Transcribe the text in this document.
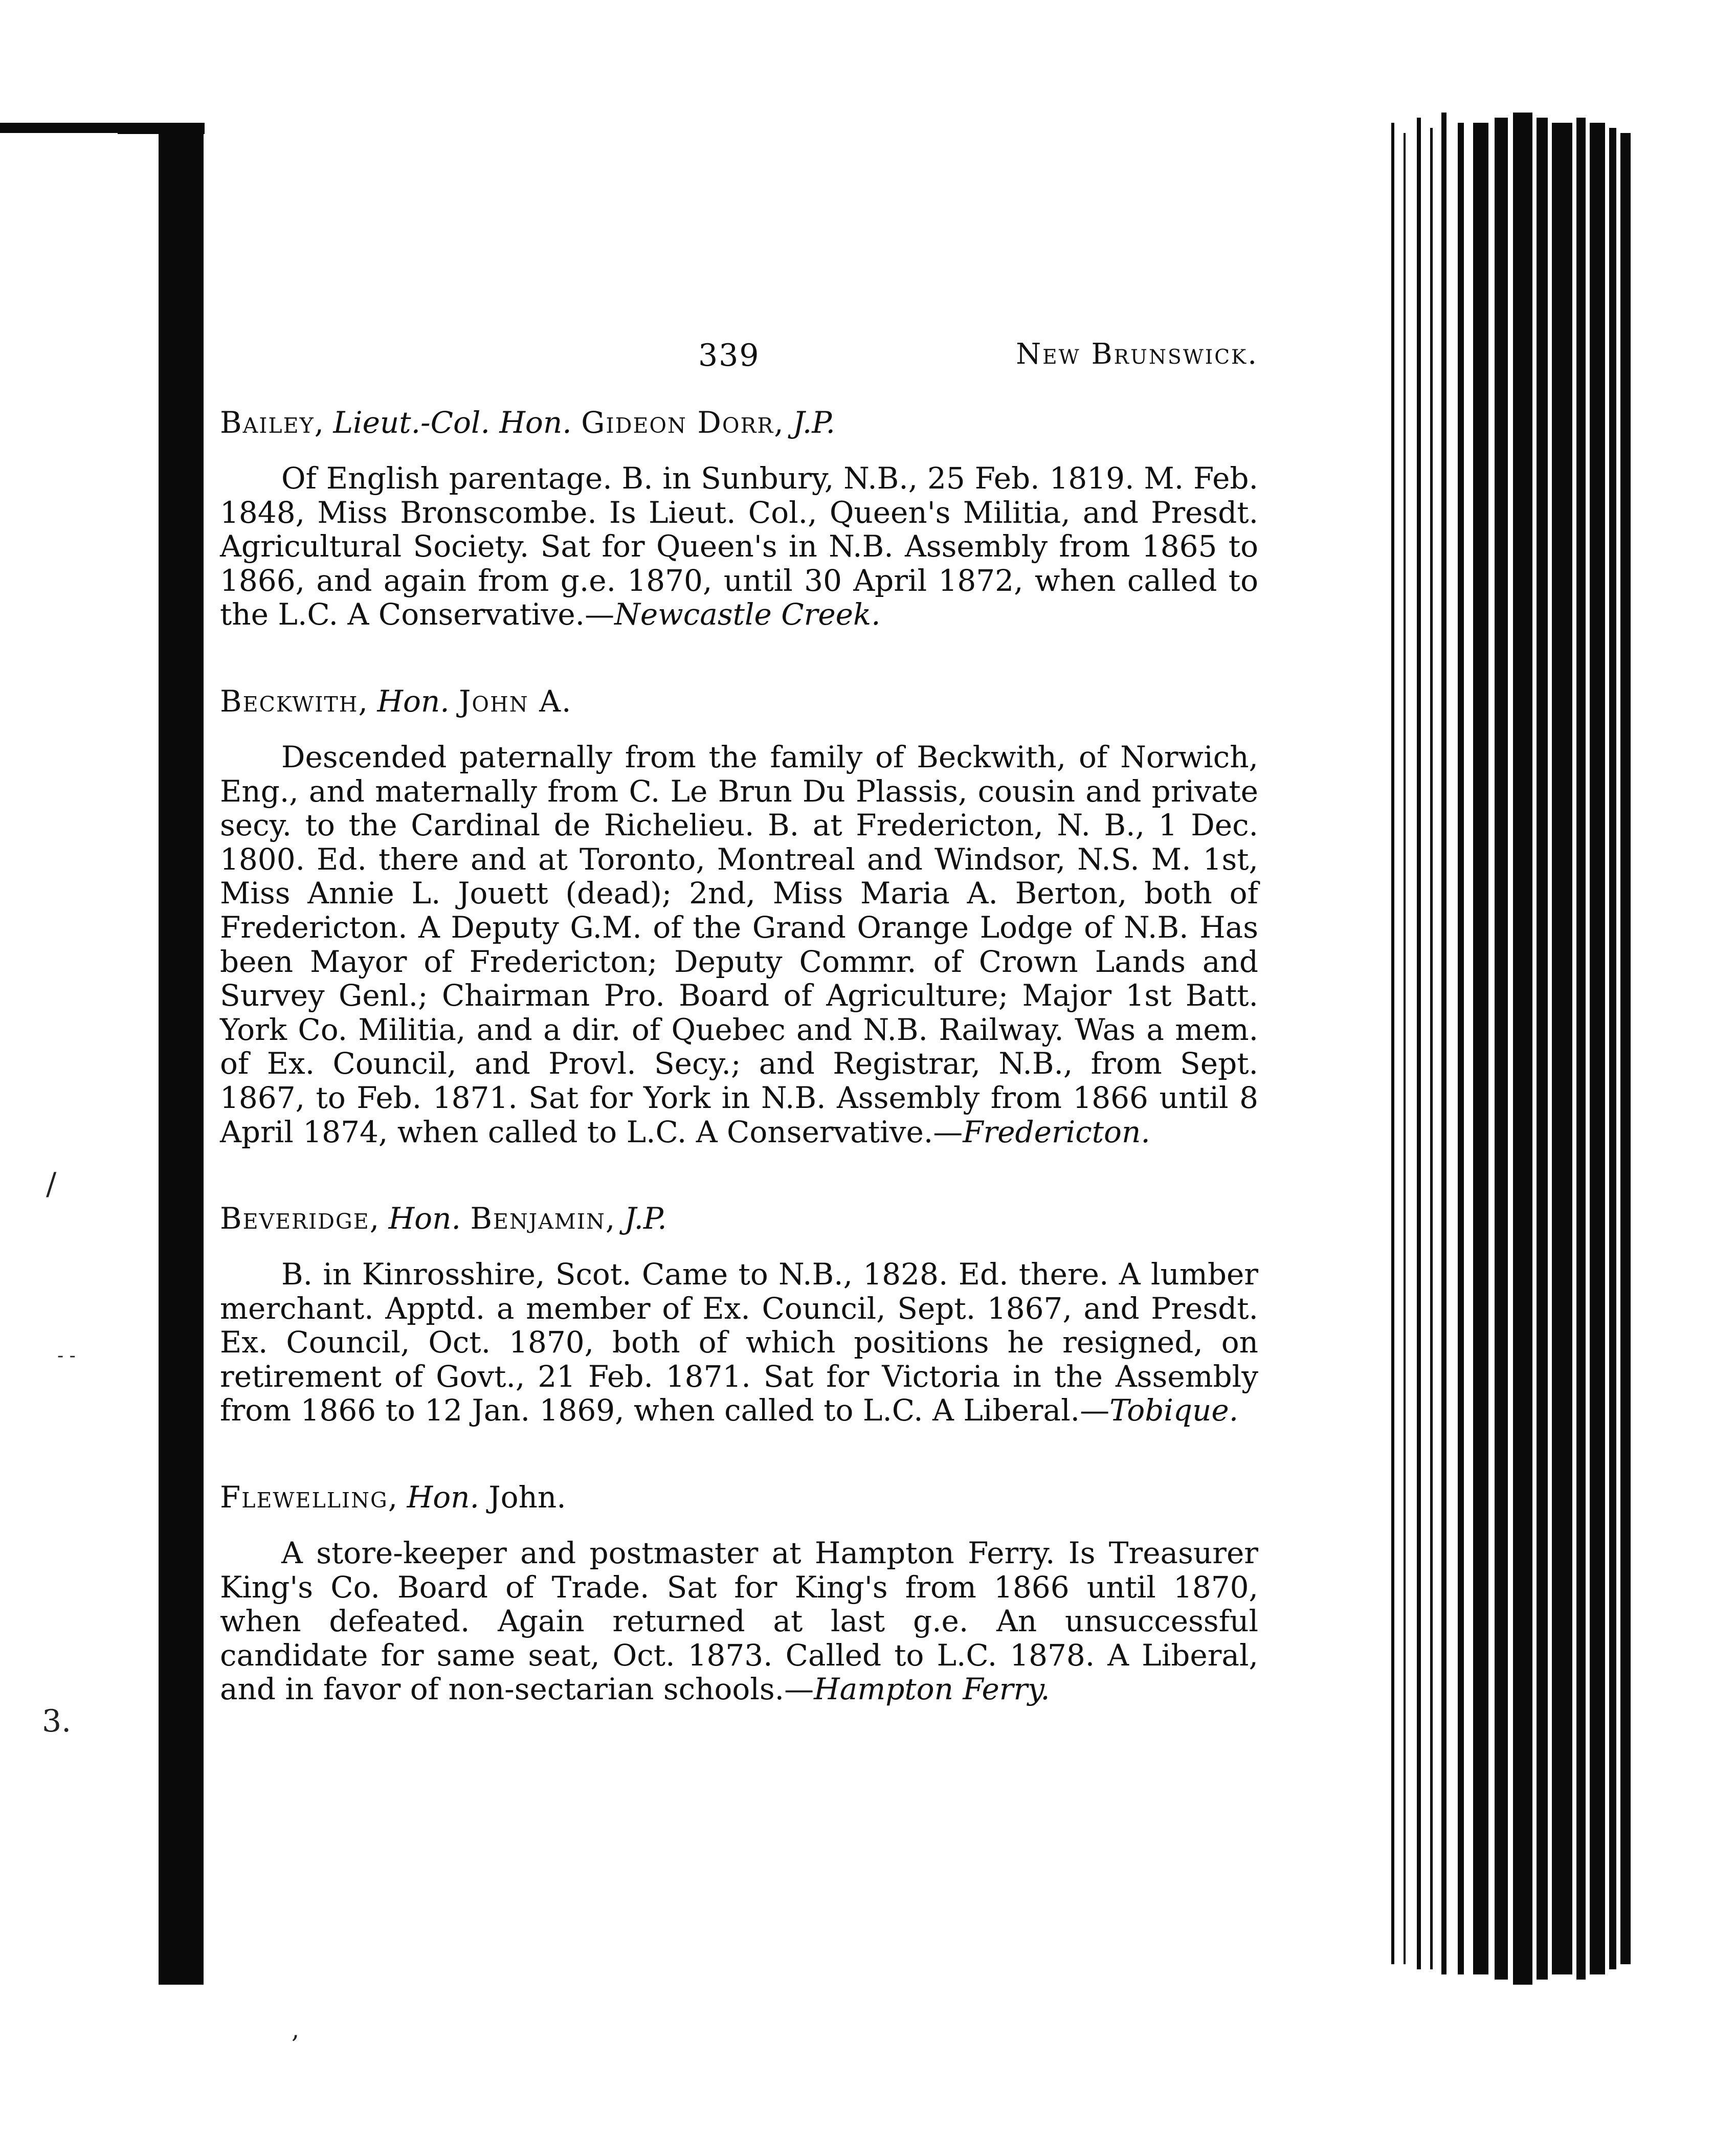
/
- -
3.
,
339	New Brunswick.

Bailey, Lieut.-Col. Hon. Gideon Dorr, J.P.

Of English parentage. B. in Sunbury, N.B., 25 Feb. 1819. M. Feb. 1848, Miss Bronscombe. Is Lieut. Col., Queen's Militia, and Presdt. Agricultural Society. Sat for Queen's in N.B. Assembly from 1865 to 1866, and again from g.e. 1870, until 30 April 1872, when called to the L.C. A Conservative.—Newcastle Creek.

Beckwith, Hon. John A.

Descended paternally from the family of Beckwith, of Norwich, Eng., and maternally from C. Le Brun Du Plassis, cousin and private secy. to the Cardinal de Richelieu. B. at Fredericton, N. B., 1 Dec. 1800. Ed. there and at Toronto, Montreal and Windsor, N.S. M. 1st, Miss Annie L. Jouett (dead); 2nd, Miss Maria A. Berton, both of Fredericton. A Deputy G.M. of the Grand Orange Lodge of N.B. Has been Mayor of Fredericton; Deputy Commr. of Crown Lands and Survey Genl.; Chairman Pro. Board of Agriculture; Major 1st Batt. York Co. Militia, and a dir. of Quebec and N.B. Railway. Was a mem. of Ex. Council, and Provl. Secy.; and Registrar, N.B., from Sept. 1867, to Feb. 1871. Sat for York in N.B. Assembly from 1866 until 8 April 1874, when called to L.C. A Conservative.—Fredericton.

Beveridge, Hon. Benjamin, J.P.

B. in Kinrosshire, Scot. Came to N.B., 1828. Ed. there. A lumber merchant. Apptd. a member of Ex. Council, Sept. 1867, and Presdt. Ex. Council, Oct. 1870, both of which positions he resigned, on retirement of Govt., 21 Feb. 1871. Sat for Victoria in the Assembly from 1866 to 12 Jan. 1869, when called to L.C. A Liberal.—Tobique.

Flewelling, Hon. John.

A store-keeper and postmaster at Hampton Ferry. Is Treasurer King's Co. Board of Trade. Sat for King's from 1866 until 1870, when defeated. Again returned at last g.e. An unsuccessful candidate for same seat, Oct. 1873. Called to L.C. 1878. A Liberal, and in favor of non-sectarian schools.—Hampton Ferry.
